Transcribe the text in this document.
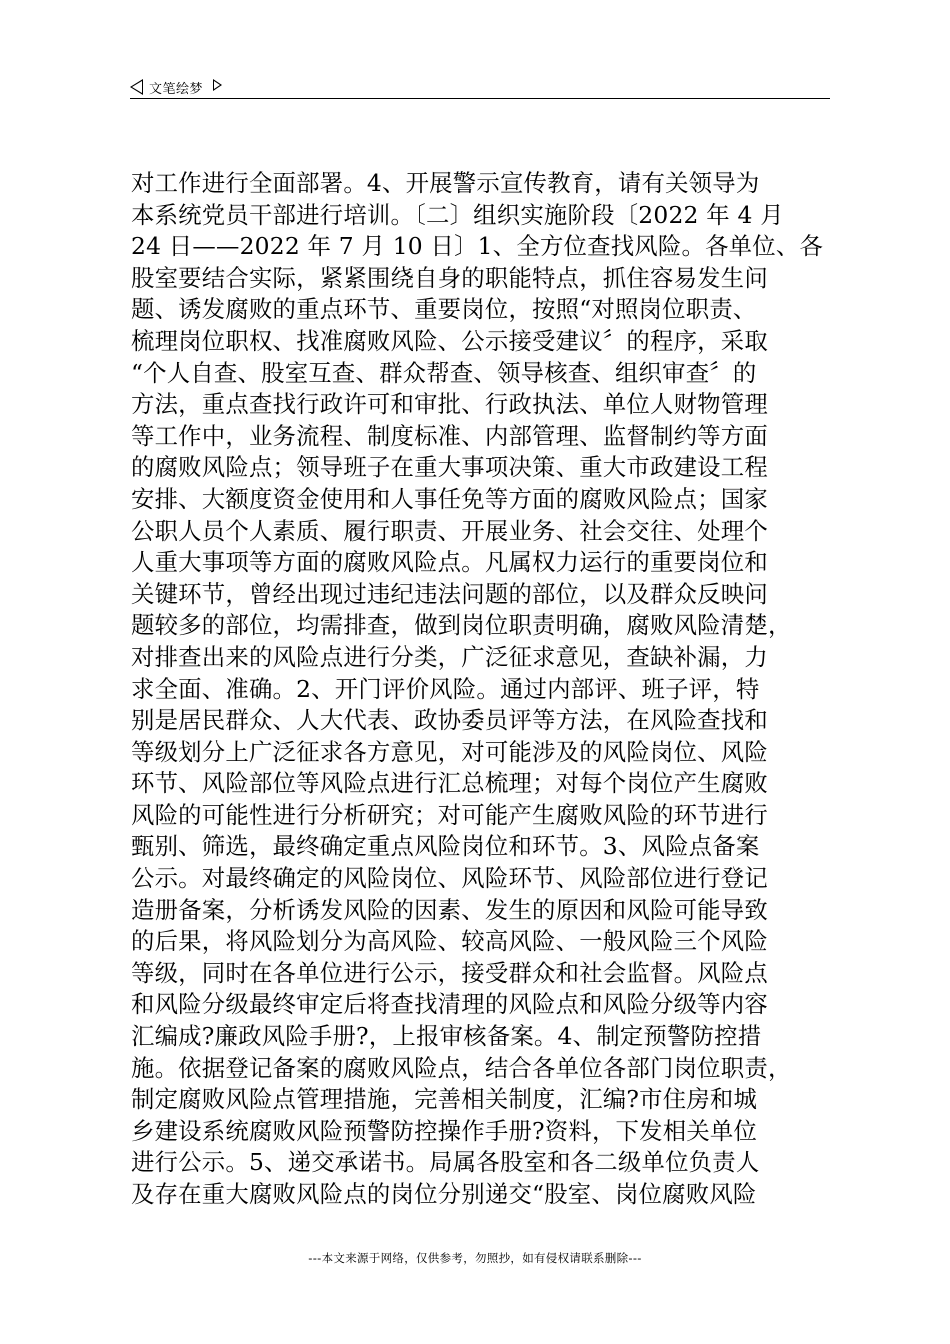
文笔绘梦
对工作进行全面部署。4、开展警示宣传教育，请有关领导为
本系统党员干部进行培训。〔二〕组织实施阶段〔2022 年 4 月
24 日——2022 年 7 月 10 日〕1、全方位查找风险。各单位、各
股室要结合实际，紧紧围绕自身的职能特点，抓住容易发生问
题、诱发腐败的重点环节、重要岗位，按照“对照岗位职责、
梳理岗位职权、找准腐败风险、公示接受建议〞的程序，采取
“个人自查、股室互查、群众帮查、领导核查、组织审查〞的
方法，重点查找行政许可和审批、行政执法、单位人财物管理
等工作中，业务流程、制度标准、内部管理、监督制约等方面
的腐败风险点；领导班子在重大事项决策、重大市政建设工程
安排、大额度资金使用和人事任免等方面的腐败风险点；国家
公职人员个人素质、履行职责、开展业务、社会交往、处理个
人重大事项等方面的腐败风险点。凡属权力运行的重要岗位和
关键环节，曾经出现过违纪违法问题的部位，以及群众反映问
题较多的部位，均需排查，做到岗位职责明确，腐败风险清楚，
对排查出来的风险点进行分类，广泛征求意见，查缺补漏，力
求全面、准确。2、开门评价风险。通过内部评、班子评，特
别是居民群众、人大代表、政协委员评等方法，在风险查找和
等级划分上广泛征求各方意见，对可能涉及的风险岗位、风险
环节、风险部位等风险点进行汇总梳理；对每个岗位产生腐败
风险的可能性进行分析研究；对可能产生腐败风险的环节进行
甄别、筛选，最终确定重点风险岗位和环节。3、风险点备案
公示。对最终确定的风险岗位、风险环节、风险部位进行登记
造册备案，分析诱发风险的因素、发生的原因和风险可能导致
的后果，将风险划分为高风险、较高风险、一般风险三个风险
等级，同时在各单位进行公示，接受群众和社会监督。风险点
和风险分级最终审定后将查找清理的风险点和风险分级等内容
汇编成?廉政风险手册?，上报审核备案。4、制定预警防控措
施。依据登记备案的腐败风险点，结合各单位各部门岗位职责，
制定腐败风险点管理措施，完善相关制度，汇编?市住房和城
乡建设系统腐败风险预警防控操作手册?资料，下发相关单位
进行公示。5、递交承诺书。局属各股室和各二级单位负责人
及存在重大腐败风险点的岗位分别递交“股室、岗位腐败风险
---本文来源于网络，仅供参考，勿照抄，如有侵权请联系删除---
